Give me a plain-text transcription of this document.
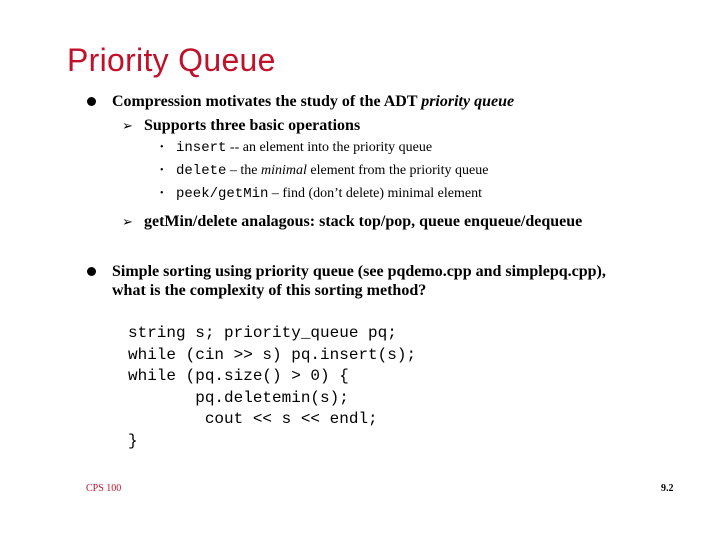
Priority Queue
Compression motivates the study of the ADT priority queue
➢ Supports three basic operations
• insert -- an element into the priority queue
• delete – the minimal element from the priority queue
• peek/getMin – find (don’t delete) minimal element
➢ getMin/delete analagous: stack top/pop, queue enqueue/dequeue
Simple sorting using priority queue (see pqdemo.cpp and simplepq.cpp),
what is the complexity of this sorting method?
string s; priority_queue pq;
while (cin >> s) pq.insert(s);
while (pq.size() > 0) {
pq.deletemin(s);
cout << s << endl;
}
CPS 100	9.2
